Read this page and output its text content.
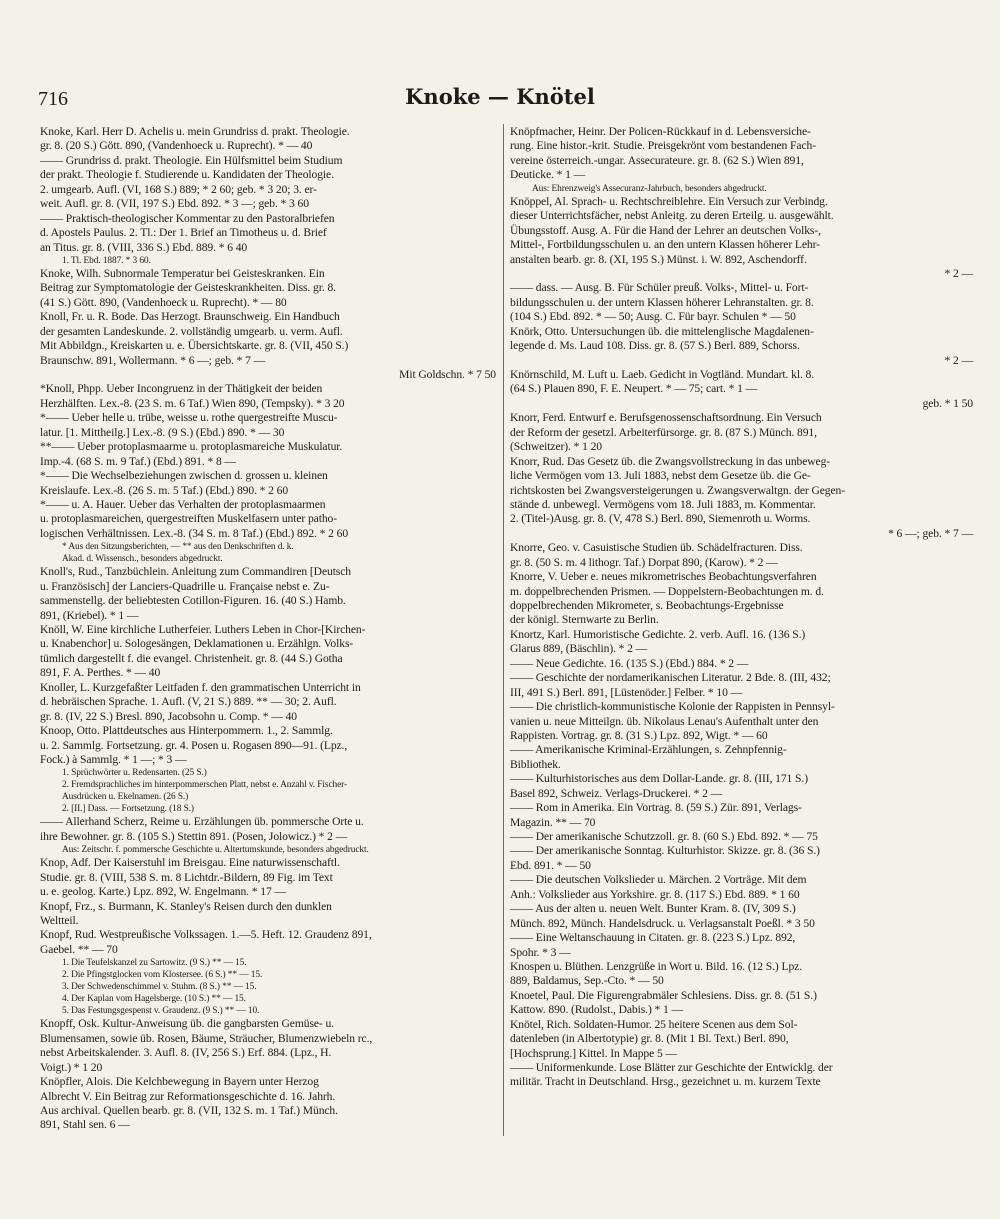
716	Knoke — Knötel
Knoke, Karl. Herr D. Achelis u. mein Grundriss d. prakt. Theologie.
gr. 8. (20 S.) Gött. 890, (Vandenhoeck u. Ruprecht). * — 40
—— Grundriss d. prakt. Theologie. Ein Hülfsmittel beim Studium
der prakt. Theologie f. Studierende u. Kandidaten der Theologie.
2. umgearb. Aufl. (VI, 168 S.) 889; * 2 60; geb. * 3 20; 3. er-
weit. Aufl. gr. 8. (VII, 197 S.) Ebd. 892. * 3 —; geb. * 3 60
—— Praktisch-theologischer Kommentar zu den Pastoralbriefen
d. Apostels Paulus. 2. Tl.: Der 1. Brief an Timotheus u. d. Brief
an Titus. gr. 8. (VIII, 336 S.) Ebd. 889. * 6 40
1. Tl. Ebd. 1887. * 3 60.
Knoke, Wilh. Subnormale Temperatur bei Geisteskranken. Ein
Beitrag zur Symptomatologie der Geisteskrankheiten. Diss. gr. 8.
(41 S.) Gött. 890, (Vandenhoeck u. Ruprecht). * — 80
Knoll, Fr. u. R. Bode. Das Herzogt. Braunschweig. Ein Handbuch
der gesamten Landeskunde. 2. vollständig umgearb. u. verm. Aufl.
Mit Abbildgn., Kreiskarten u. e. Übersichtskarte. gr. 8. (VII, 450 S.)
Braunschw. 891, Wollermann. * 6 —; geb. * 7 —
Mit Goldschn. * 7 50
*Knoll, Phpp. Ueber Incongruenz in der Thätigkeit der beiden
Herzhälften. Lex.-8. (23 S. m. 6 Taf.) Wien 890, (Tempsky). * 3 20
*—— Ueber helle u. trübe, weisse u. rothe quergestreifte Muscu-
latur. [1. Mittheilg.] Lex.-8. (9 S.) (Ebd.) 890. * — 30
**—— Ueber protoplasmaarme u. protoplasmareiche Muskulatur.
Imp.-4. (68 S. m. 9 Taf.) (Ebd.) 891. * 8 —
*—— Die Wechselbeziehungen zwischen d. grossen u. kleinen
Kreislaufe. Lex.-8. (26 S. m. 5 Taf.) (Ebd.) 890. * 2 60
*—— u. A. Hauer. Ueber das Verhalten der protoplasmaarmen
u. protoplasmareichen, quergestreiften Muskelfasern unter patho-
logischen Verhältnissen. Lex.-8. (34 S. m. 8 Taf.) (Ebd.) 892. * 2 60
* Aus den Sitzungsberichten, — ** aus den Denkschriften d. k.
Akad. d. Wissensch., besonders abgedruckt.
Knoll's, Rud., Tanzbüchlein. Anleitung zum Commandiren [Deutsch
u. Französisch] der Lanciers-Quadrille u. Française nebst e. Zu-
sammenstellg. der beliebtesten Cotillon-Figuren. 16. (40 S.) Hamb.
891, (Kriebel). * 1 —
Knöll, W. Eine kirchliche Lutherfeier. Luthers Leben in Chor-[Kirchen-
u. Knabenchor] u. Sologesängen, Deklamationen u. Erzählgn. Volks-
tümlich dargestellt f. die evangel. Christenheit. gr. 8. (44 S.) Gotha
891, F. A. Perthes. * — 40
Knoller, L. Kurzgefaßter Leitfaden f. den grammatischen Unterricht in
d. hebräischen Sprache. 1. Aufl. (V, 21 S.) 889. ** — 30; 2. Aufl.
gr. 8. (IV, 22 S.) Bresl. 890, Jacobsohn u. Comp. * — 40
Knoop, Otto. Plattdeutsches aus Hinterpommern. 1., 2. Sammlg.
u. 2. Sammlg. Fortsetzung. gr. 4. Posen u. Rogasen 890—91. (Lpz.,
Fock.) à Sammlg. * 1 —; * 3 —
1. Sprüchwörter u. Redensarten. (25 S.)
2. Fremdsprachliches im hinterpommerschen Platt, nebst e. Anzahl v. Fischer-
Ausdrücken u. Ekelnamen. (26 S.)
2. [II.] Dass. — Fortsetzung. (18 S.)
—— Allerhand Scherz, Reime u. Erzählungen üb. pommersche Orte u.
ihre Bewohner. gr. 8. (105 S.) Stettin 891. (Posen, Jolowicz.) * 2 —
Aus: Zeitschr. f. pommersche Geschichte u. Altertumskunde, besonders abgedruckt.
Knop, Adf. Der Kaiserstuhl im Breisgau. Eine naturwissenschaftl.
Studie. gr. 8. (VIII, 538 S. m. 8 Lichtdr.-Bildern, 89 Fig. im Text
u. e. geolog. Karte.) Lpz. 892, W. Engelmann. * 17 —
Knopf, Frz., s. Burmann, K. Stanley's Reisen durch den dunklen
Weltteil.
Knopf, Rud. Westpreußische Volkssagen. 1.—5. Heft. 12. Graudenz 891,
Gaebel. ** — 70
1. Die Teufelskanzel zu Sartowitz. (9 S.) ** — 15.
2. Die Pfingstglocken vom Klostersee. (6 S.) ** — 15.
3. Der Schwedenschimmel v. Stuhm. (8 S.) ** — 15.
4. Der Kaplan vom Hagelsberge. (10 S.) ** — 15.
5. Das Festungsgespenst v. Graudenz. (9 S.) ** — 10.
Knopff, Osk. Kultur-Anweisung üb. die gangbarsten Gemüse- u.
Blumensamen, sowie üb. Rosen, Bäume, Sträucher, Blumenzwiebeln rc.,
nebst Arbeitskalender. 3. Aufl. 8. (IV, 256 S.) Erf. 884. (Lpz., H.
Voigt.) * 1 20
Knöpfler, Alois. Die Kelchbewegung in Bayern unter Herzog
Albrecht V. Ein Beitrag zur Reformationsgeschichte d. 16. Jahrh.
Aus archival. Quellen bearb. gr. 8. (VII, 132 S. m. 1 Taf.) Münch.
891, Stahl sen. 6 —
Knöpfmacher, Heinr. Der Policen-Rückkauf in d. Lebensversiche-
rung. Eine histor.-krit. Studie. Preisgekrönt vom bestandenen Fach-
vereine österreich.-ungar. Assecurateure. gr. 8. (62 S.) Wien 891,
Deuticke. * 1 —
Aus: Ehrenzweig's Assecuranz-Jahrbuch, besonders abgedruckt.
Knöppel, Al. Sprach- u. Rechtschreiblehre. Ein Versuch zur Verbindg.
dieser Unterrichtsfächer, nebst Anleitg. zu deren Erteilg. u. ausgewählt.
Übungsstoff. Ausg. A. Für die Hand der Lehrer an deutschen Volks-,
Mittel-, Fortbildungsschulen u. an den untern Klassen höherer Lehr-
anstalten bearb. gr. 8. (XI, 195 S.) Münst. i. W. 892, Aschendorff.
* 2 —
—— dass. — Ausg. B. Für Schüler preuß. Volks-, Mittel- u. Fort-
bildungsschulen u. der untern Klassen höherer Lehranstalten. gr. 8.
(104 S.) Ebd. 892. * — 50; Ausg. C. Für bayr. Schulen * — 50
Knörk, Otto. Untersuchungen üb. die mittelenglische Magdalenen-
legende d. Ms. Laud 108. Diss. gr. 8. (57 S.) Berl. 889, Schorss.
* 2 —
Knörnschild, M. Luft u. Laeb. Gedicht in Vogtländ. Mundart. kl. 8.
(64 S.) Plauen 890, F. E. Neupert. * — 75; cart. * 1 —
geb. * 1 50
Knorr, Ferd. Entwurf e. Berufsgenossenschaftsordnung. Ein Versuch
der Reform der gesetzl. Arbeiterfürsorge. gr. 8. (87 S.) Münch. 891,
(Schweitzer). * 1 20
Knorr, Rud. Das Gesetz üb. die Zwangsvollstreckung in das unbeweg-
liche Vermögen vom 13. Juli 1883, nebst dem Gesetze üb. die Ge-
richtskosten bei Zwangsversteigerungen u. Zwangsverwaltgn. der Gegen-
stände d. unbewegl. Vermögens vom 18. Juli 1883, m. Kommentar.
2. (Titel-)Ausg. gr. 8. (V, 478 S.) Berl. 890, Siemenroth u. Worms.
* 6 —; geb. * 7 —
Knorre, Geo. v. Casuistische Studien üb. Schädelfracturen. Diss.
gr. 8. (50 S. m. 4 lithogr. Taf.) Dorpat 890, (Karow). * 2 —
Knorre, V. Ueber e. neues mikrometrisches Beobachtungsverfahren
m. doppelbrechenden Prismen. — Doppelstern-Beobachtungen m. d.
doppelbrechenden Mikrometer, s. Beobachtungs-Ergebnisse
der königl. Sternwarte zu Berlin.
Knortz, Karl. Humoristische Gedichte. 2. verb. Aufl. 16. (136 S.)
Glarus 889, (Bäschlin). * 2 —
—— Neue Gedichte. 16. (135 S.) (Ebd.) 884. * 2 —
—— Geschichte der nordamerikanischen Literatur. 2 Bde. 8. (III, 432;
III, 491 S.) Berl. 891, [Lüstenöder.] Felber. * 10 —
—— Die christlich-kommunistische Kolonie der Rappisten in Pennsyl-
vanien u. neue Mitteilgn. üb. Nikolaus Lenau's Aufenthalt unter den
Rappisten. Vortrag. gr. 8. (31 S.) Lpz. 892, Wigt. * — 60
—— Amerikanische Kriminal-Erzählungen, s. Zehnpfennig-
Bibliothek.
—— Kulturhistorisches aus dem Dollar-Lande. gr. 8. (III, 171 S.)
Basel 892, Schweiz. Verlags-Druckerei. * 2 —
—— Rom in Amerika. Ein Vortrag. 8. (59 S.) Zür. 891, Verlags-
Magazin. ** — 70
—— Der amerikanische Schutzzoll. gr. 8. (60 S.) Ebd. 892. * — 75
—— Der amerikanische Sonntag. Kulturhistor. Skizze. gr. 8. (36 S.)
Ebd. 891. * — 50
—— Die deutschen Volkslieder u. Märchen. 2 Vorträge. Mit dem
Anh.: Volkslieder aus Yorkshire. gr. 8. (117 S.) Ebd. 889. * 1 60
—— Aus der alten u. neuen Welt. Bunter Kram. 8. (IV, 309 S.)
Münch. 892, Münch. Handelsdruck. u. Verlagsanstalt Poeßl. * 3 50
—— Eine Weltanschauung in Citaten. gr. 8. (223 S.) Lpz. 892,
Spohr. * 3 —
Knospen u. Blüthen. Lenzgrüße in Wort u. Bild. 16. (12 S.) Lpz.
889, Baldamus, Sep.-Cto. * — 50
Knoetel, Paul. Die Figurengrabmäler Schlesiens. Diss. gr. 8. (51 S.)
Kattow. 890. (Rudolst., Dabis.) * 1 —
Knötel, Rich. Soldaten-Humor. 25 heitere Scenen aus dem Sol-
datenleben (in Albertotypie) gr. 8. (Mit 1 Bl. Text.) Berl. 890,
[Hochsprung.] Kittel. In Mappe 5 —
—— Uniformenkunde. Lose Blätter zur Geschichte der Entwicklg. der
militär. Tracht in Deutschland. Hrsg., gezeichnet u. m. kurzem Texte
